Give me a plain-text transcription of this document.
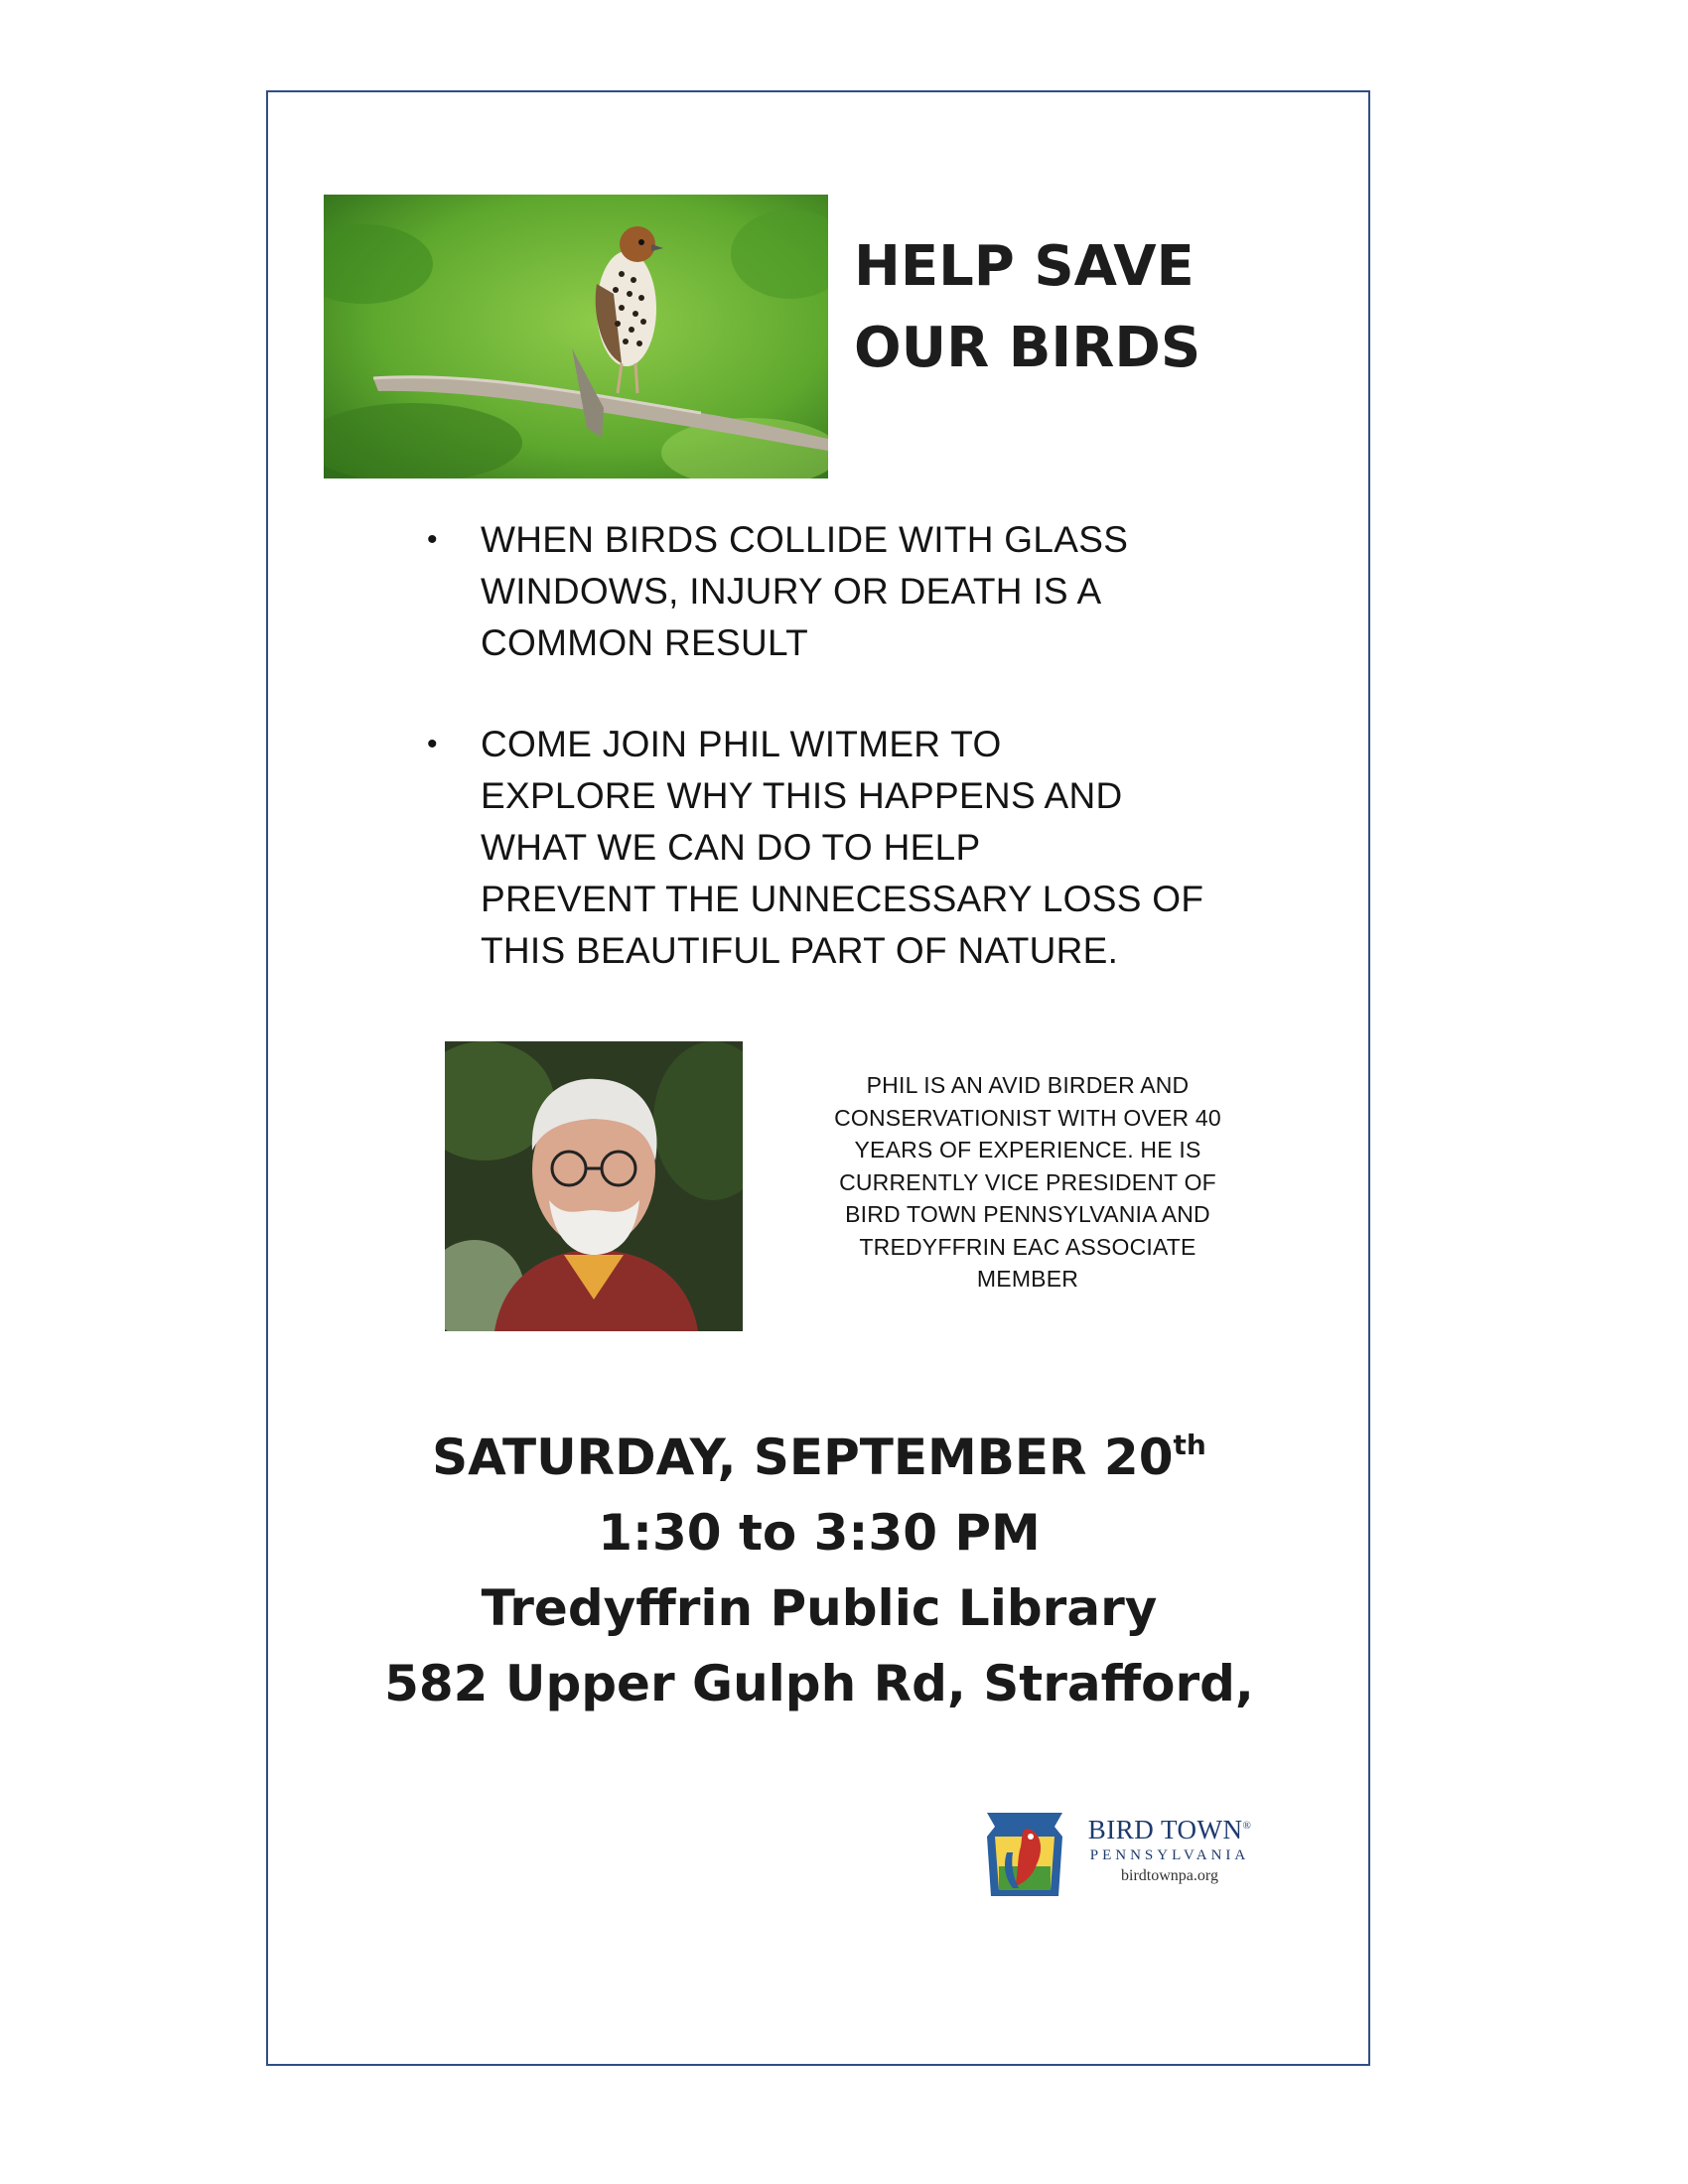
HELP SAVE
OUR BIRDS
• WHEN BIRDS COLLIDE WITH GLASS
WINDOWS, INJURY OR DEATH IS A
COMMON RESULT
• COME JOIN PHIL WITMER TO
EXPLORE WHY THIS HAPPENS AND
WHAT WE CAN DO TO HELP
PREVENT THE UNNECESSARY LOSS OF
THIS BEAUTIFUL PART OF NATURE.
PHIL IS AN AVID BIRDER AND
CONSERVATIONIST WITH OVER 40
YEARS OF EXPERIENCE. HE IS
CURRENTLY VICE PRESIDENT OF
BIRD TOWN PENNSYLVANIA AND
TREDYFFRIN EAC ASSOCIATE
MEMBER
SATURDAY, SEPTEMBER 20th
1:30 to 3:30 PM
Tredyffrin Public Library
582 Upper Gulph Rd, Strafford,
BIRD TOWN®
PENNSYLVANIA
birdtownpa.org
